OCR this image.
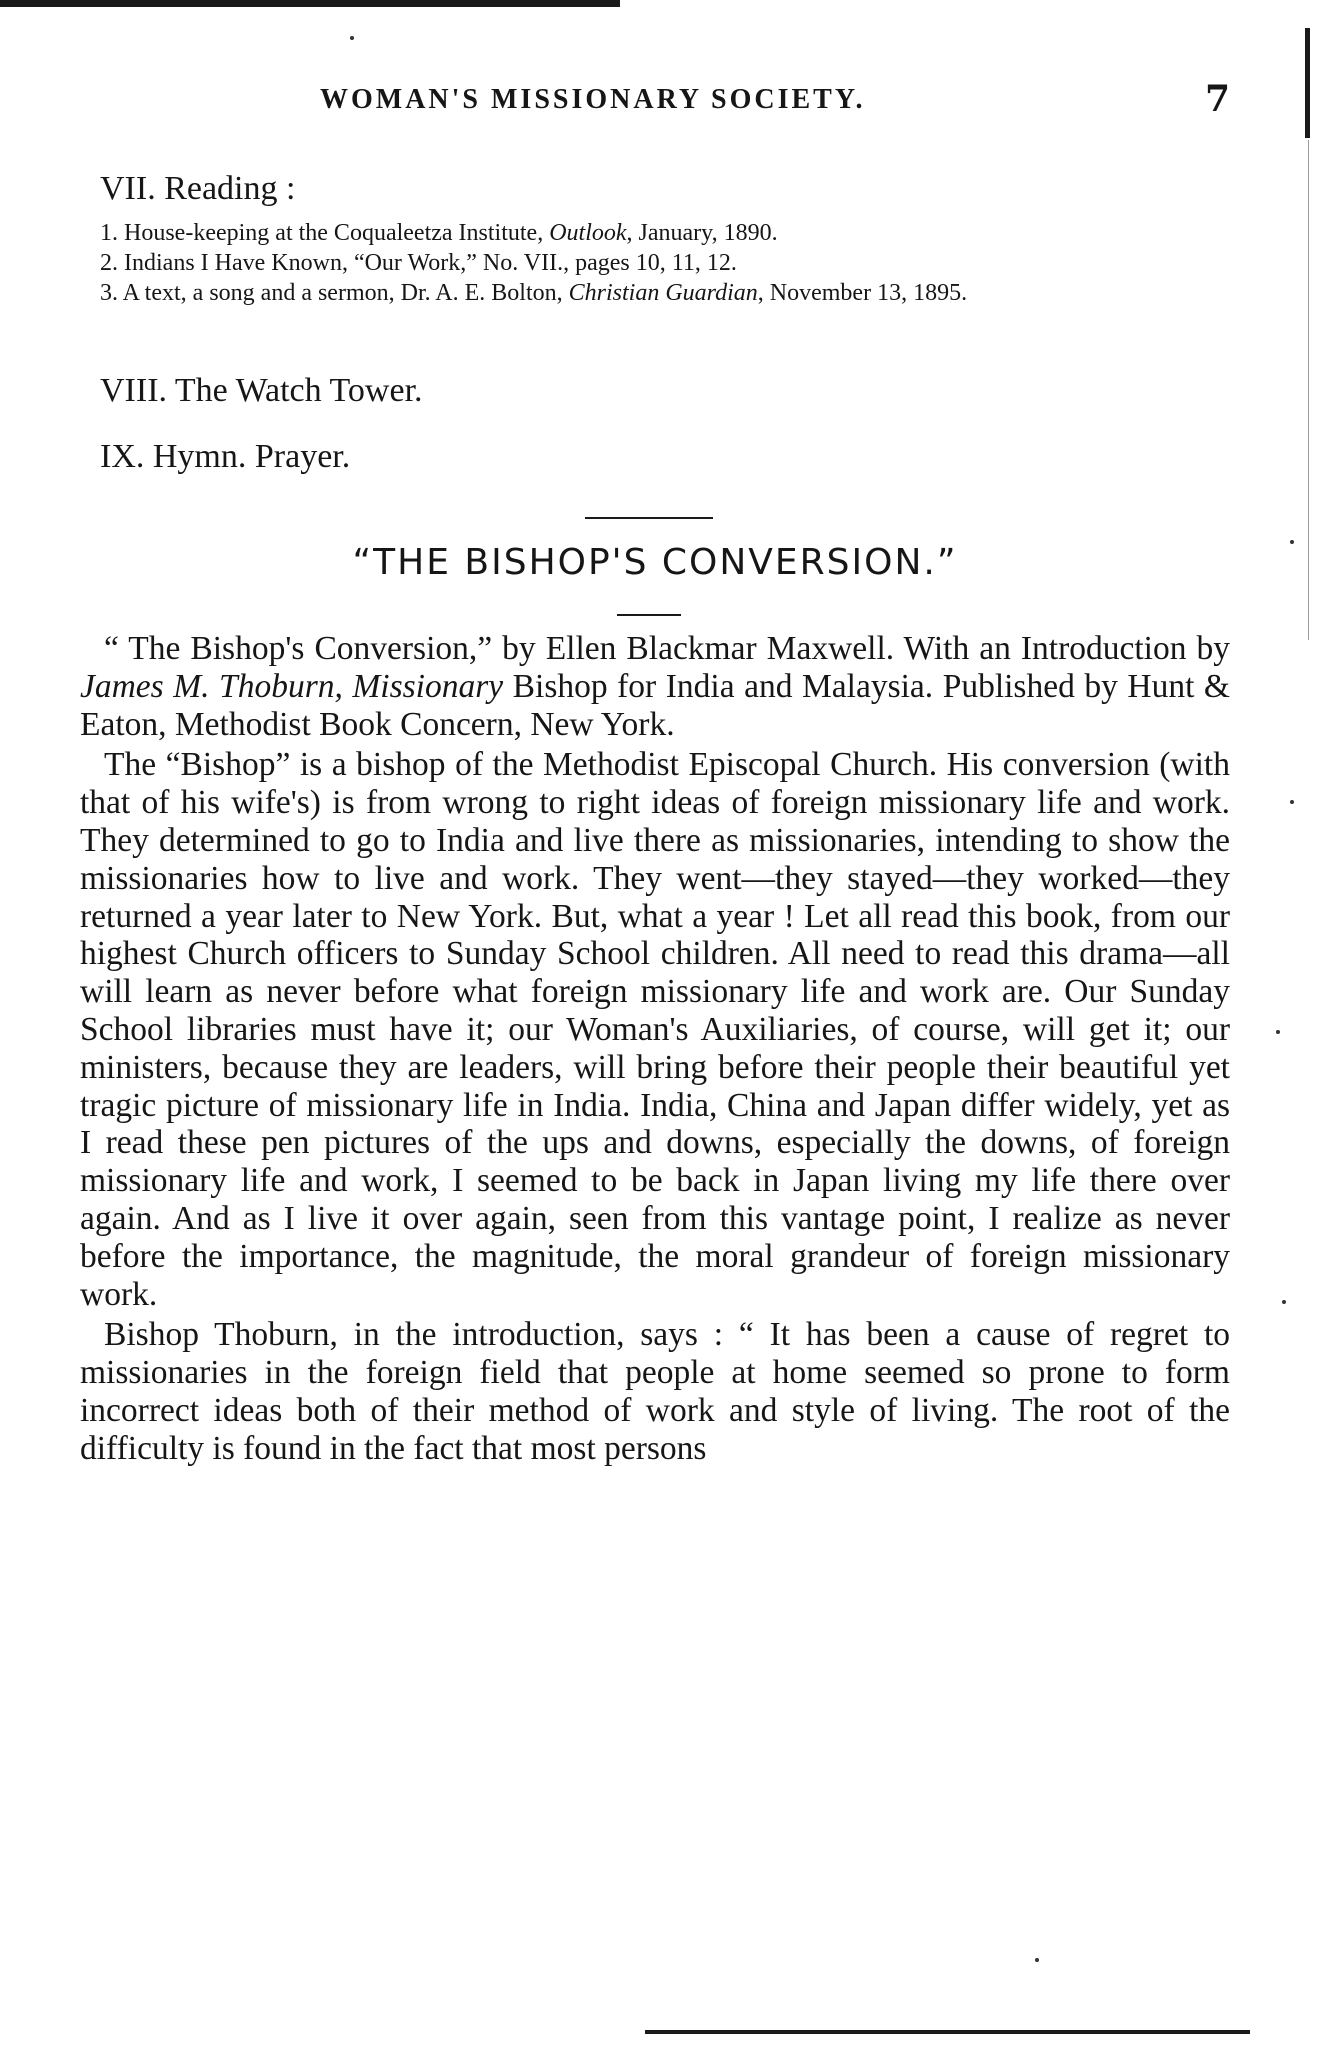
WOMAN'S MISSIONARY SOCIETY.	7
VII. Reading :

1. House-keeping at the Coqualeetza Institute, Outlook, January, 1890.

2. Indians I Have Known, “Our Work,” No. VII., pages 10, 11, 12.

3. A text, a song and a sermon, Dr. A. E. Bolton, Christian Guardian, November 13, 1895.

VIII. The Watch Tower.
IX. Hymn. Prayer.
“THE BISHOP'S CONVERSION.”

“ The Bishop's Conversion,” by Ellen Blackmar Maxwell. With an Introduction by James M. Thoburn, Missionary Bishop for India and Malaysia. Published by Hunt & Eaton, Methodist Book Concern, New York.

The “Bishop” is a bishop of the Methodist Episcopal Church. His conversion (with that of his wife's) is from wrong to right ideas of foreign missionary life and work. They determined to go to India and live there as missionaries, intending to show the missionaries how to live and work. They went—they stayed—they worked—they returned a year later to New York. But, what a year ! Let all read this book, from our highest Church officers to Sunday School children. All need to read this drama—all will learn as never before what foreign missionary life and work are. Our Sunday School libraries must have it; our Woman's Auxiliaries, of course, will get it; our ministers, because they are leaders, will bring before their people their beautiful yet tragic picture of missionary life in India. India, China and Japan differ widely, yet as I read these pen pictures of the ups and downs, especially the downs, of foreign missionary life and work, I seemed to be back in Japan living my life there over again. And as I live it over again, seen from this vantage point, I realize as never before the importance, the magnitude, the moral grandeur of foreign missionary work.

Bishop Thoburn, in the introduction, says : “ It has been a cause of regret to missionaries in the foreign field that people at home seemed so prone to form incorrect ideas both of their method of work and style of living. The root of the difficulty is found in the fact that most persons
